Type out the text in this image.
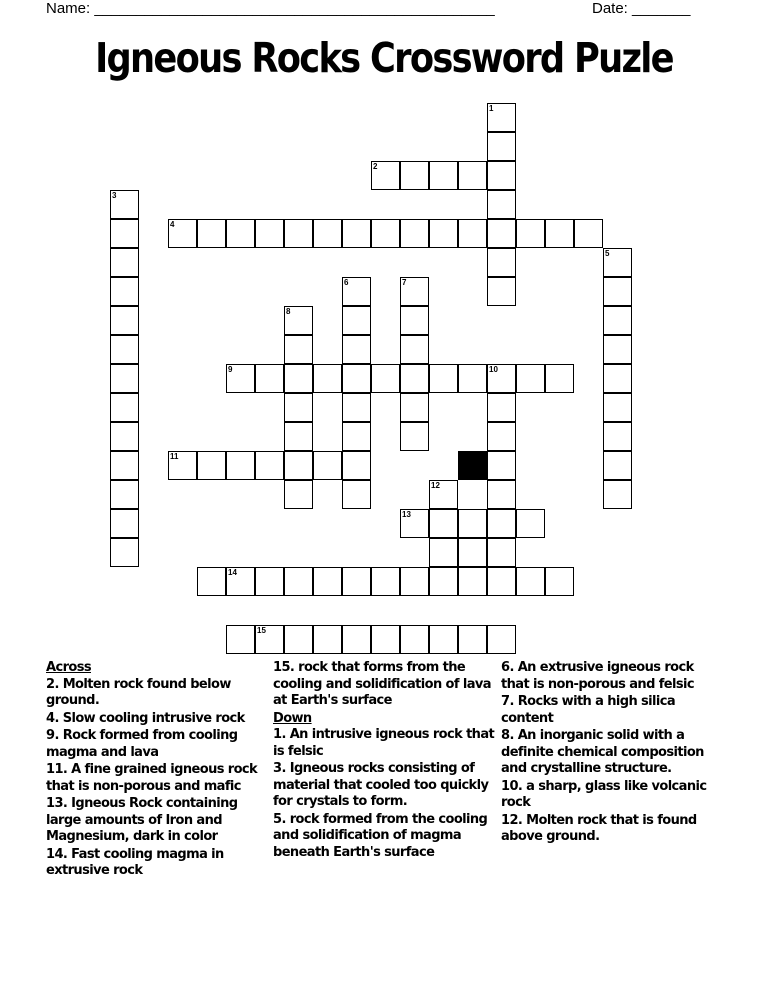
Name: ________________________________________________	Date: _______
Igneous Rocks Crossword Puzle
1
2
3
4
5
6	7
8
9	10
11
12
13
14
15

Across

2. Molten rock found below ground.

4. Slow cooling intrusive rock

9. Rock formed from cooling magma and lava

11. A fine grained igneous rock that is non-porous and mafic

13. Igneous Rock containing large amounts of Iron and Magnesium, dark in color

14. Fast cooling magma in extrusive rock

15. rock that forms from the cooling and solidification of lava at Earth's surface

Down

1. An intrusive igneous rock that is felsic

3. Igneous rocks consisting of material that cooled too quickly for crystals to form.

5. rock formed from the cooling and solidification of magma beneath Earth's surface

6. An extrusive igneous rock that is non-porous and felsic

7. Rocks with a high silica content

8. An inorganic solid with a definite chemical composition and crystalline structure.

10. a sharp, glass like volcanic rock

12. Molten rock that is found above ground.
